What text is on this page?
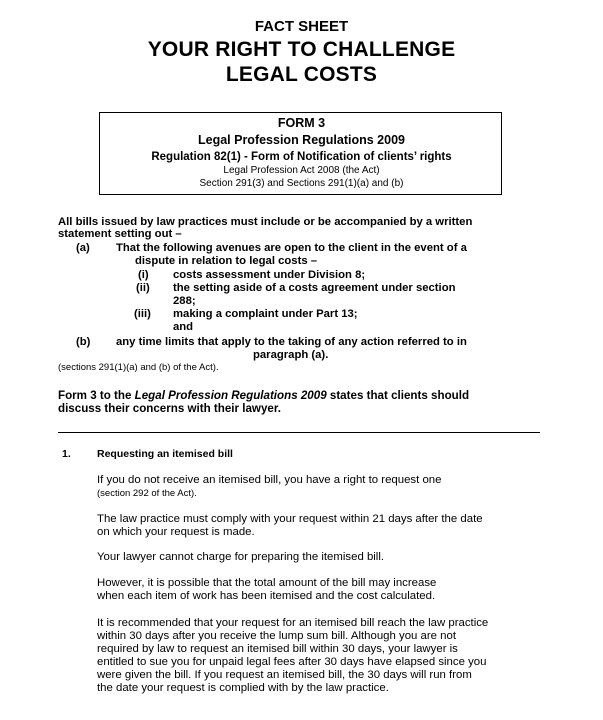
FACT SHEET
YOUR RIGHT TO CHALLENGE
LEGAL COSTS
FORM 3
Legal Profession Regulations 2009
Regulation 82(1) - Form of Notification of clients’ rights
Legal Profession Act 2008 (the Act)
Section 291(3) and Sections 291(1)(a) and (b)
All bills issued by law practices must include or be accompanied by a written
statement setting out –
(a) That the following avenues are open to the client in the event of a
dispute in relation to legal costs –
(i) costs assessment under Division 8;
(ii) the setting aside of a costs agreement under section
288;
(iii) making a complaint under Part 13;
and
(b) any time limits that apply to the taking of any action referred to in
paragraph (a).
(sections 291(1)(a) and (b) of the Act).
Form 3 to the Legal Profession Regulations 2009 states that clients should
discuss their concerns with their lawyer.
1. Requesting an itemised bill
If you do not receive an itemised bill, you have a right to request one
(section 292 of the Act).
The law practice must comply with your request within 21 days after the date
on which your request is made.
Your lawyer cannot charge for preparing the itemised bill.
However, it is possible that the total amount of the bill may increase
when each item of work has been itemised and the cost calculated.
It is recommended that your request for an itemised bill reach the law practice
within 30 days after you receive the lump sum bill. Although you are not
required by law to request an itemised bill within 30 days, your lawyer is
entitled to sue you for unpaid legal fees after 30 days have elapsed since you
were given the bill. If you request an itemised bill, the 30 days will run from
the date your request is complied with by the law practice.
